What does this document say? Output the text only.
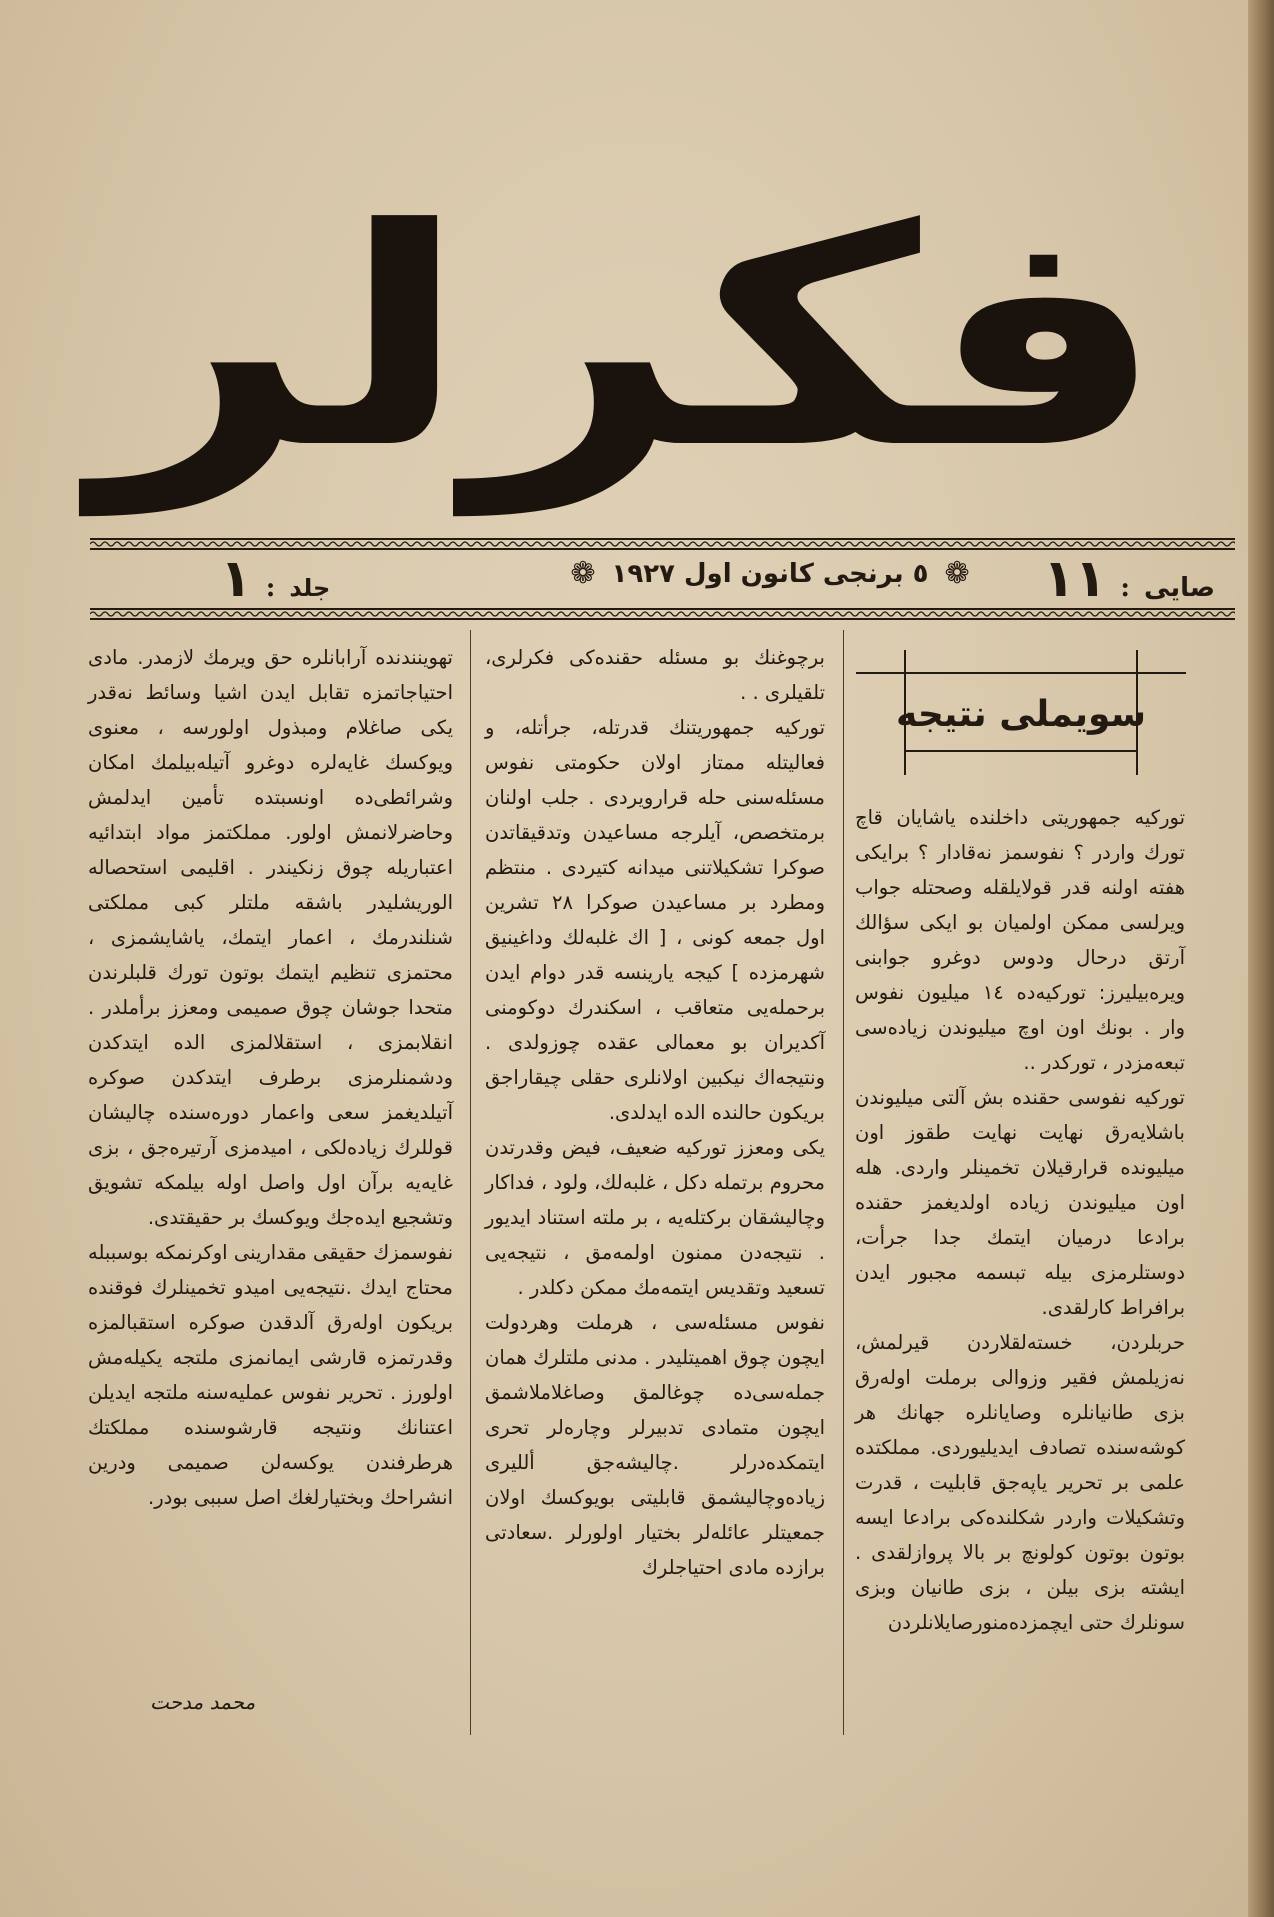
فکرلر
صایی
:
١١
❁
٥ برنجی كانون اول ١٩٢٧
❁
جلد
:
١
سویملی نتیجه

توركيه جمهوريتی داخلنده ياشايان قاچ تورك واردر ؟ نفوسمز نه‌قادار ؟ برايكی هفته اولنه قدر قولايلقله وصحتله جواب ويرلسی ممكن اولميان بو ايكی سؤالك آرتق درحال ودوس دوغرو جوابنی ويره‌بيليرز: توركيه‌ده ١٤ ميليون نفوس وار . بونك اون اوچ ميليوندن زياده‌سی تبعه‌مزدر ، توركدر ..

توركيه نفوسی حقنده بش آلتی ميليوندن باشلايه‌رق نهايت نهايت طقوز اون ميليونده قرارقيلان تخمينلر واردی. هله اون ميليوندن زياده اولديغمز حقنده برادعا درميان ايتمك جدا جرأت، دوستلرمزی بيله تبسمه مجبور ايدن برافراط كارلقدی.

حربلردن، خسته‌لقلاردن قيرلمش، نه‌زيلمش فقير وزوالی برملت اوله‌رق بزی طانيانلره وصايانلره جهانك هر كوشه‌سنده تصادف ايديليوردی. مملكتده علمی بر تحرير ياپه‌جق قابليت ، قدرت وتشكيلات واردر شكلنده‌كی برادعا ايسه بوتون بوتون كولونچ بر بالا پروازلقدی . ايشته بزی بيلن ، بزی طانيان وبزی سونلرك حتی ايچمزده‌منورصايلانلردن

برچوغنك بو مسئله حقنده‌كی فكرلری، تلقيلری . .

توركيه جمهوريتنك قدرتله، جرأتله، و فعاليتله ممتاز اولان حكومتی نفوس مسئله‌سنی حله قرارويردی . جلب اولنان برمتخصص، آيلرجه مساعيدن وتدقيقاتدن صوكرا تشكيلاتنی ميدانه كتيردی . منتظم ومطرد بر مساعيدن صوكرا ٢٨ تشرين اول جمعه كونی ، [ اك غلبه‌لك وداغينيق شهرمزده ] كيجه يارينسه قدر دوام ايدن برحمله‌يی متعاقب ، اسكندرك دوكومنی آكديران بو معمالی عقده چوزولدی . ونتيجه‌اك نيكبين اولانلری حقلی چيقاراجق بريكون حالنده الده ايدلدی.

يكی ومعزز توركيه ضعيف، فيض وقدرتدن محروم برتمله دكل ، غلبه‌لك، ولود ، فداكار وچاليشقان بركتله‌يه ، بر ملته استناد ايديور . نتيجه‌دن ممنون اولمه‌مق ، نتيجه‌يی تسعيد وتقديس ايتمه‌مك ممكن دكلدر .

نفوس مسئله‌سی ، هرملت وهردولت ايچون چوق اهميتليدر . مدنی ملتلرك همان جمله‌سی‌ده چوغالمق وصاغلاملاشمق ايچون متمادی تدبيرلر وچاره‌لر تحری ايتمكده‌درلر .چاليشه‌جق ألليری زياده‌وچاليشمق قابليتی بويوكسك اولان جمعيتلر عائله‌لر بختيار اولورلر .سعادتی برازده مادی احتياجلرك

تهوينندنده آرابانلره حق ويرمك لازمدر. مادی احتياجاتمزه تقابل ايدن اشيا وسائط نه‌قدر يكی صاغلام ومبذول اولورسه ، معنوی ويوكسك غايه‌لره دوغرو آتيله‌بيلمك امكان وشرائطی‌ده اونسبتده تأمين ايدلمش وحاضرلانمش اولور. مملكتمز مواد ابتدائيه اعتباريله چوق زنكيندر . اقليمی استحصاله الوريشليدر باشقه ملتلر كبی مملكتی شنلندرمك ، اعمار ايتمك، ياشايشمزی ، محتمزی تنظيم ايتمك بوتون تورك قلبلرندن متحدا جوشان چوق صميمی ومعزز برأملدر . انقلابمزی ، استقلالمزی الده ايتدكدن ودشمنلرمزی برطرف ايتدكدن صوكره آتيلديغمز سعی واعمار دوره‌سنده چاليشان قوللرك زياده‌لكی ، اميدمزی آرتيره‌جق ، بزی غايه‌يه برآن اول واصل اوله بيلمكه تشويق وتشجيع ايده‌جك ويوكسك بر حقيقتدی.

نفوسمزك حقيقی مقدارينی اوكرنمكه بوسببله محتاج ايدك .نتيجه‌يی اميدو تخمينلرك فوقنده بريكون اوله‌رق آلدقدن صوكره استقبالمزه وقدرتمزه قارشی ايمانمزی ملتجه يكيله‌مش اولورز . تحرير نفوس عمليه‌سنه ملتجه ايديلن اعتنانك ونتيجه قارشوسنده مملكتك هرطرفندن يوكسه‌لن صميمی ودرين انشراحك وبختيارلغك اصل سببی بودر.

محمد مدحت
